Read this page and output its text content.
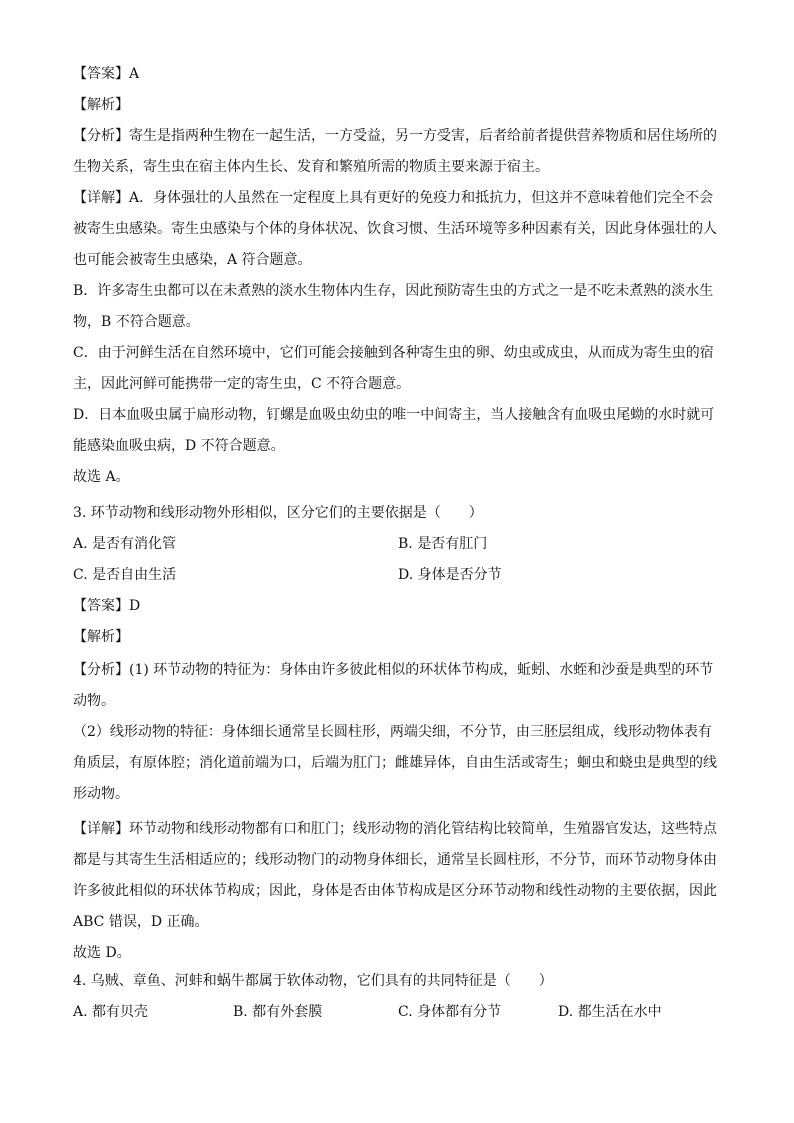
【答案】A

【解析】

【分析】寄生是指两种生物在一起生活，一方受益，另一方受害，后者给前者提供营养物质和居住场所的

生物关系，寄生虫在宿主体内生长、发育和繁殖所需的物质主要来源于宿主。

【详解】A．身体强壮的人虽然在一定程度上具有更好的免疫力和抵抗力，但这并不意味着他们完全不会

被寄生虫感染。寄生虫感染与个体的身体状况、饮食习惯、生活环境等多种因素有关，因此身体强壮的人

也可能会被寄生虫感染，A 符合题意。

B．许多寄生虫都可以在未煮熟的淡水生物体内生存，因此预防寄生虫的方式之一是不吃未煮熟的淡水生

物，B 不符合题意。

C．由于河鲜生活在自然环境中，它们可能会接触到各种寄生虫的卵、幼虫或成虫，从而成为寄生虫的宿

主，因此河鲜可能携带一定的寄生虫，C 不符合题意。

D．日本血吸虫属于扁形动物，钉螺是血吸虫幼虫的唯一中间寄主，当人接触含有血吸虫尾蚴的水时就可

能感染血吸虫病，D 不符合题意。

故选 A。

3. 环节动物和线形动物外形相似，区分它们的主要依据是（　　）

A. 是否有消化管	B. 是否有肛门
C. 是否自由生活	D. 身体是否分节

【答案】D

【解析】

【分析】(1) 环节动物的特征为：身体由许多彼此相似的环状体节构成，蚯蚓、水蛭和沙蚕是典型的环节

动物。

（2）线形动物的特征：身体细长通常呈长圆柱形，两端尖细，不分节，由三胚层组成，线形动物体表有

角质层，有原体腔；消化道前端为口，后端为肛门；雌雄异体，自由生活或寄生；蛔虫和蛲虫是典型的线

形动物。

【详解】环节动物和线形动物都有口和肛门；线形动物的消化管结构比较简单，生殖器官发达，这些特点

都是与其寄生生活相适应的；线形动物门的动物身体细长，通常呈长圆柱形，不分节，而环节动物身体由

许多彼此相似的环状体节构成；因此，身体是否由体节构成是区分环节动物和线性动物的主要依据，因此

ABC 错误，D 正确。

故选 D。

4. 乌贼、章鱼、河蚌和蜗牛都属于软体动物，它们具有的共同特征是（　　）

A. 都有贝壳	B. 都有外套膜	C. 身体都有分节	D. 都生活在水中
